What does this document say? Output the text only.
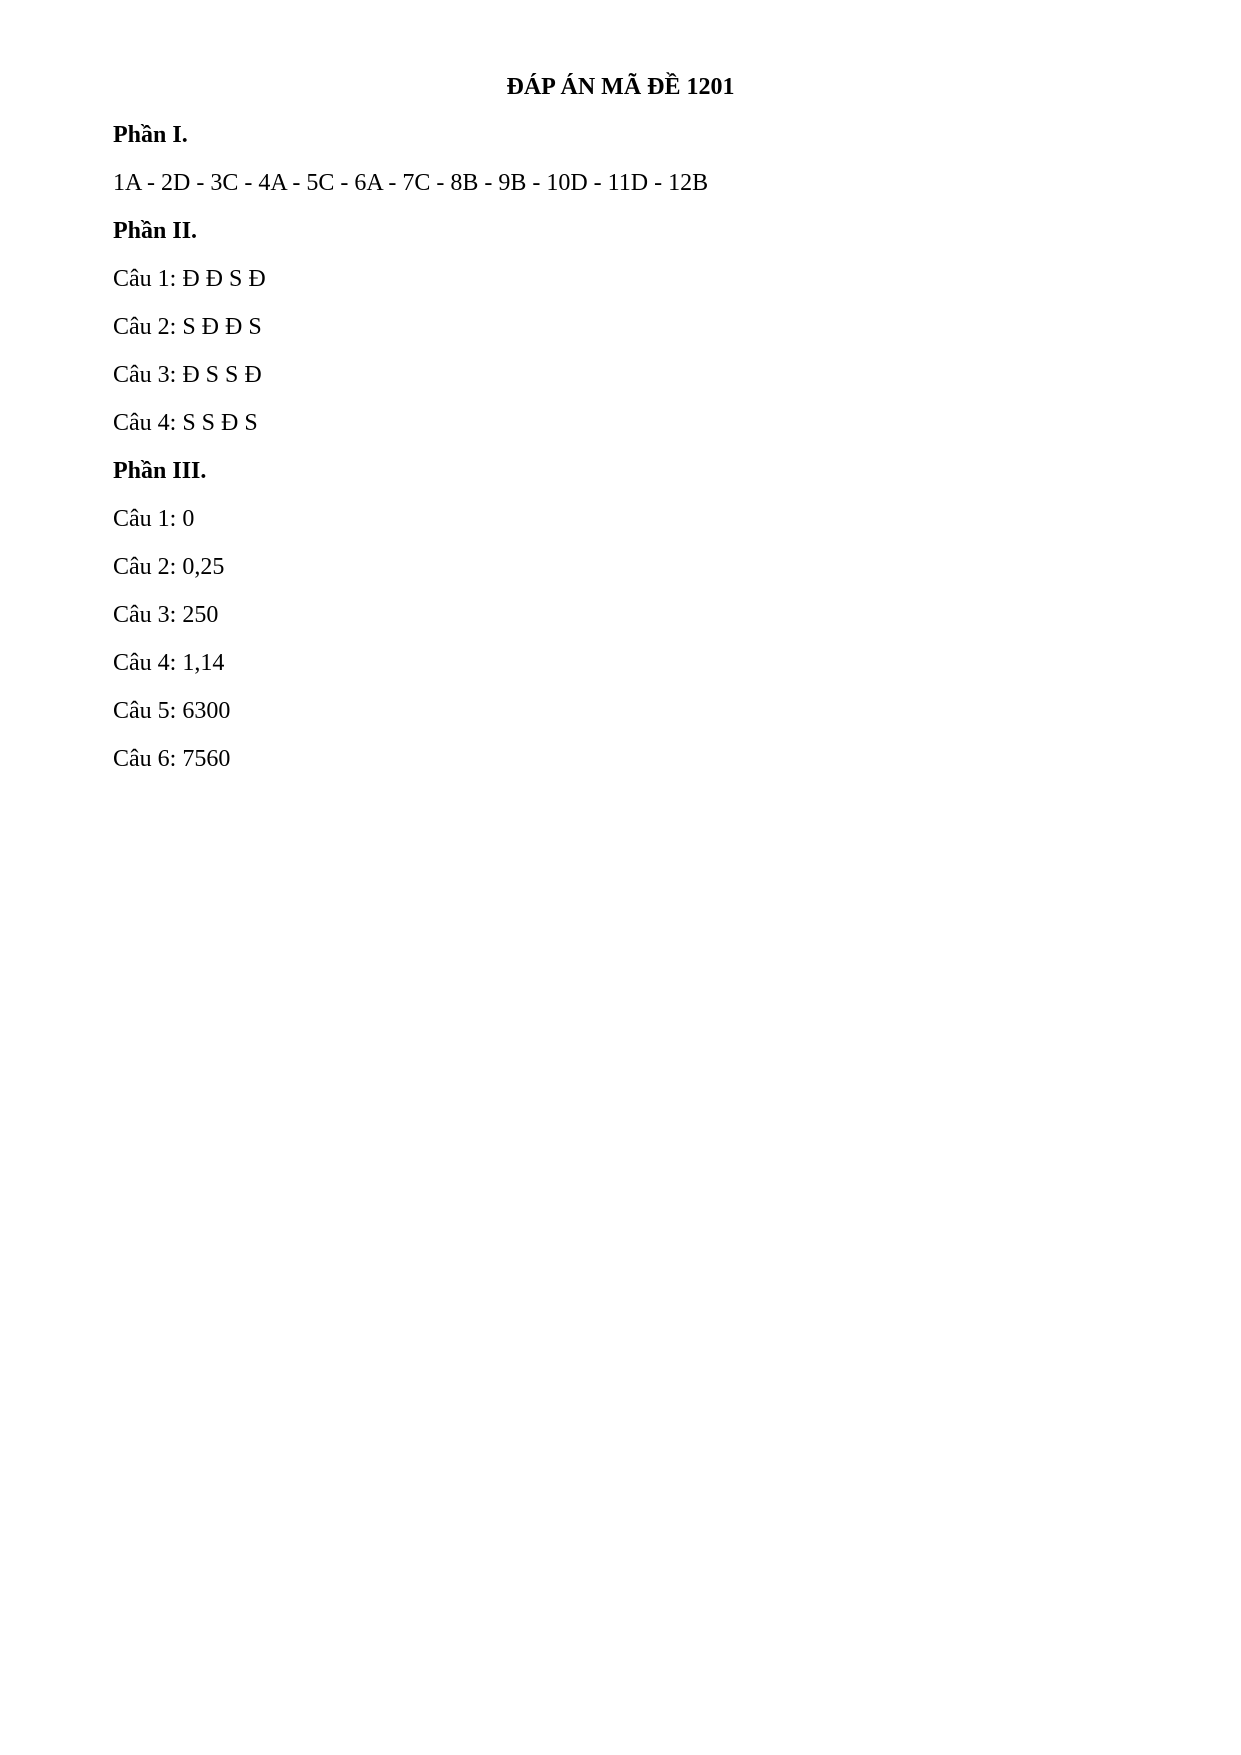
ĐÁP ÁN MÃ ĐỀ 1201
Phần I.
1A - 2D - 3C - 4A - 5C - 6A - 7C - 8B - 9B - 10D - 11D - 12B
Phần II.
Câu 1: Đ Đ S Đ
Câu 2: S Đ Đ S
Câu 3: Đ S S Đ
Câu 4: S S Đ S
Phần III.
Câu 1: 0
Câu 2: 0,25
Câu 3: 250
Câu 4: 1,14
Câu 5: 6300
Câu 6: 7560
